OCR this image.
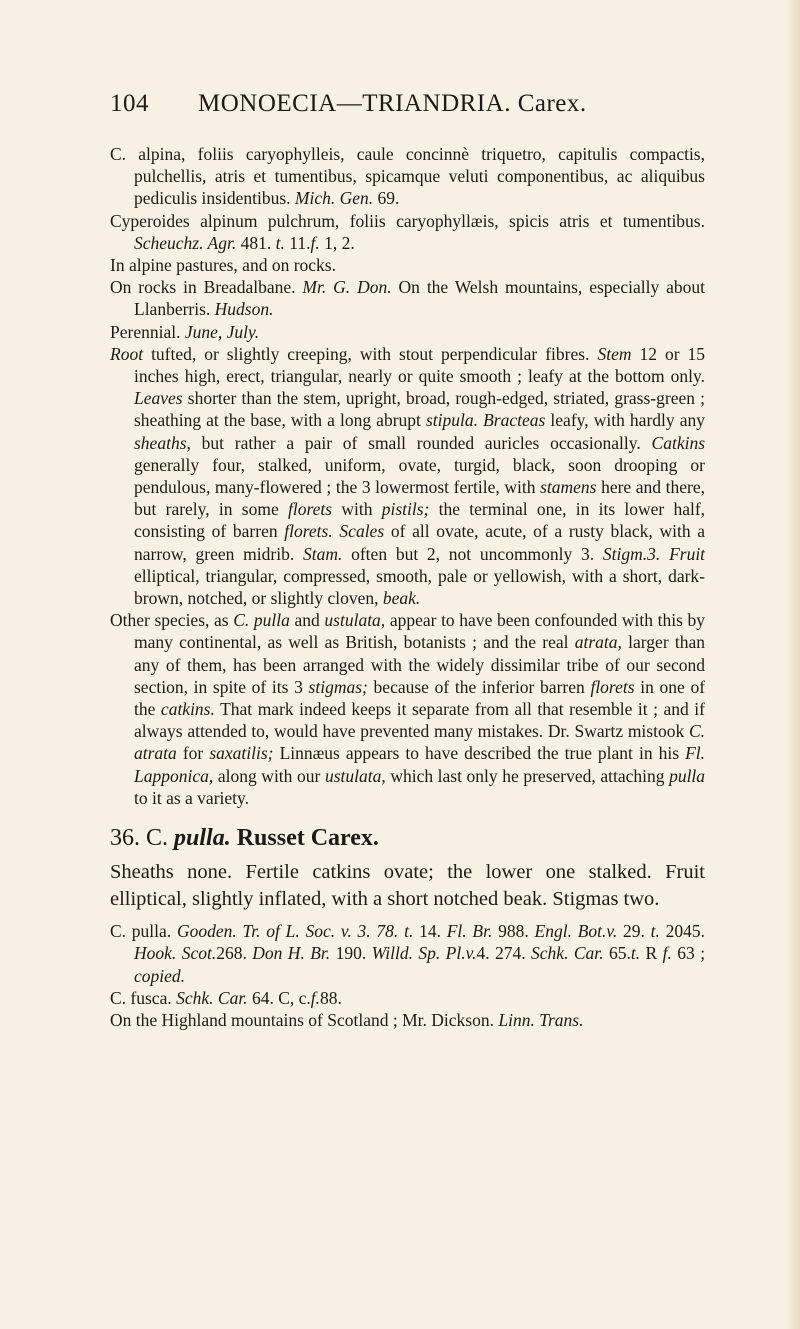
104 MONOECIA—TRIANDRIA. Carex.

C. alpina, foliis caryophylleis, caule concinnè triquetro, capitulis compactis, pulchellis, atris et tumentibus, spicamque veluti componentibus, ac aliquibus pediculis insidentibus. Mich. Gen. 69.

Cyperoides alpinum pulchrum, foliis caryophyllæis, spicis atris et tumentibus. Scheuchz. Agr. 481. t. 11.f. 1, 2.

In alpine pastures, and on rocks.

On rocks in Breadalbane. Mr. G. Don. On the Welsh mountains, especially about Llanberris. Hudson.

Perennial. June, July.

Root tufted, or slightly creeping, with stout perpendicular fibres. Stem 12 or 15 inches high, erect, triangular, nearly or quite smooth ; leafy at the bottom only. Leaves shorter than the stem, upright, broad, rough-edged, striated, grass-green ; sheathing at the base, with a long abrupt stipula. Bracteas leafy, with hardly any sheaths, but rather a pair of small rounded auricles occasionally. Catkins generally four, stalked, uniform, ovate, turgid, black, soon drooping or pendulous, many-flowered ; the 3 lowermost fertile, with stamens here and there, but rarely, in some florets with pistils; the terminal one, in its lower half, consisting of barren florets. Scales of all ovate, acute, of a rusty black, with a narrow, green midrib. Stam. often but 2, not uncommonly 3. Stigm.3. Fruit elliptical, triangular, compressed, smooth, pale or yellowish, with a short, dark-brown, notched, or slightly cloven, beak.

Other species, as C. pulla and ustulata, appear to have been confounded with this by many continental, as well as British, botanists ; and the real atrata, larger than any of them, has been arranged with the widely dissimilar tribe of our second section, in spite of its 3 stigmas; because of the inferior barren florets in one of the catkins. That mark indeed keeps it separate from all that resemble it ; and if always attended to, would have prevented many mistakes. Dr. Swartz mistook C. atrata for saxatilis; Linnæus appears to have described the true plant in his Fl. Lapponica, along with our ustulata, which last only he preserved, attaching pulla to it as a variety.

36. C. pulla. Russet Carex.

Sheaths none. Fertile catkins ovate; the lower one stalked. Fruit elliptical, slightly inflated, with a short notched beak. Stigmas two.

C. pulla. Gooden. Tr. of L. Soc. v. 3. 78. t. 14. Fl. Br. 988. Engl. Bot.v. 29. t. 2045. Hook. Scot.268. Don H. Br. 190. Willd. Sp. Pl.v.4. 274. Schk. Car. 65.t. R f. 63 ; copied.

C. fusca. Schk. Car. 64. C, c.f.88.

On the Highland mountains of Scotland ; Mr. Dickson. Linn. Trans.
